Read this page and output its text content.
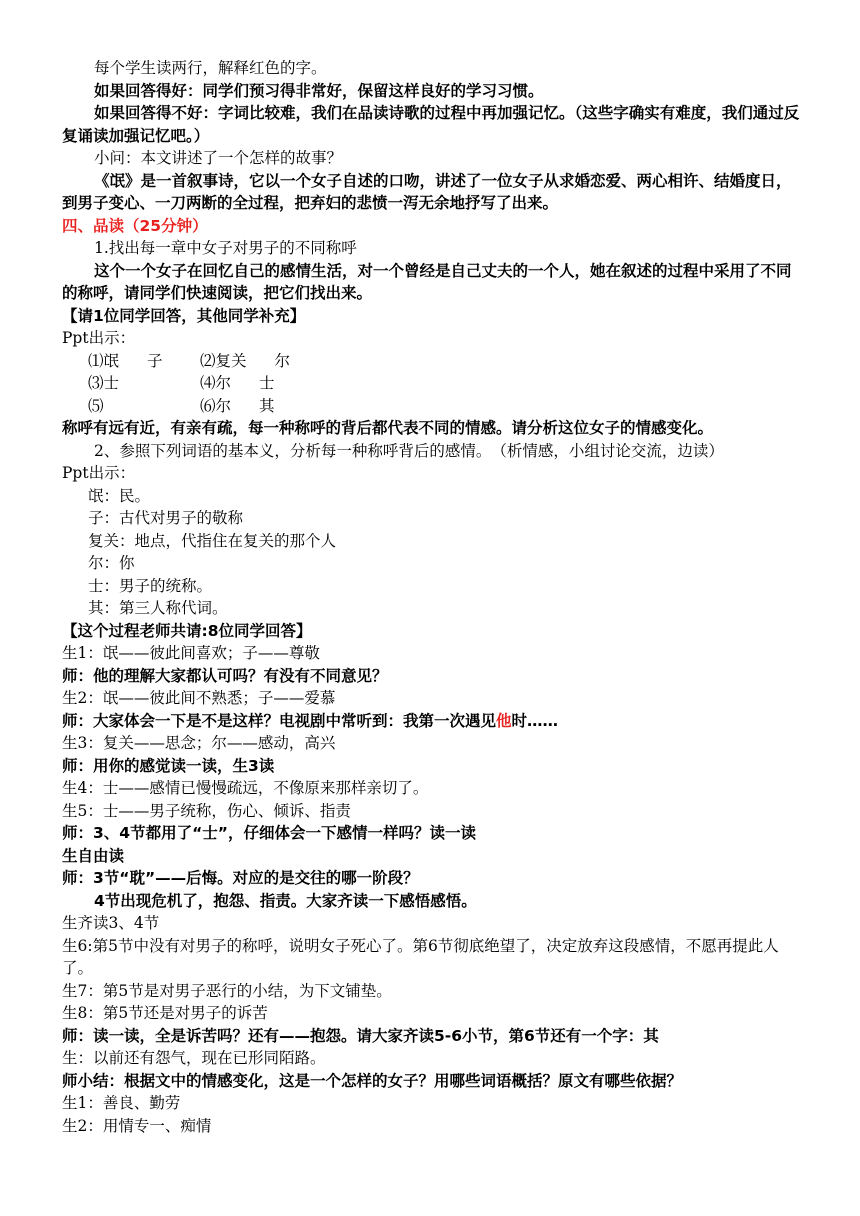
每个学生读两行，解释红色的字。
如果回答得好：同学们预习得非常好，保留这样良好的学习习惯。
如果回答得不好：字词比较难，我们在品读诗歌的过程中再加强记忆。（这些字确实有难度，我们通过反复诵读加强记忆吧。）
小问：本文讲述了一个怎样的故事？
《氓》是一首叙事诗，它以一个女子自述的口吻，讲述了一位女子从求婚恋爱、两心相许、结婚度日，到男子变心、一刀两断的全过程，把弃妇的悲愤一泻无余地抒写了出来。
四、品读（25分钟）
1.找出每一章中女子对男子的不同称呼
这个一个女子在回忆自己的感情生活，对一个曾经是自己丈夫的一个人，她在叙述的过程中采用了不同的称呼，请同学们快速阅读，把它们找出来。
【请1位同学回答，其他同学补充】
Ppt出示：
⑴氓 子	⑵复关 尔
⑶士	⑷尔 士
⑸	⑹尔 其
称呼有远有近，有亲有疏，每一种称呼的背后都代表不同的情感。请分析这位女子的情感变化。
2、参照下列词语的基本义，分析每一种称呼背后的感情。　（析情感，小组讨论交流，边读）
Ppt出示：
氓：民。
子：古代对男子的敬称
复关：地点，代指住在复关的那个人
尔：你
士：男子的统称。
其：第三人称代词。
【这个过程老师共请:8位同学回答】
生1：氓——彼此间喜欢；子——尊敬
师：他的理解大家都认可吗？有没有不同意见？
生2：氓——彼此间不熟悉；子——爱慕
师：大家体会一下是不是这样？电视剧中常听到：我第一次遇见他时……
生3：复关——思念；尔——感动，高兴
师：用你的感觉读一读，生3读
生4：士——感情已慢慢疏远，不像原来那样亲切了。
生5：士——男子统称，伤心、倾诉、指责
师：3、4节都用了“士”，仔细体会一下感情一样吗？读一读
生自由读
师：3节“耽”——后悔。对应的是交往的哪一阶段？
4节出现危机了，抱怨、指责。大家齐读一下感悟感悟。
生齐读3、4节
生6:第5节中没有对男子的称呼，说明女子死心了。第6节彻底绝望了，决定放弃这段感情，不愿再提此人了。
生7：第5节是对男子恶行的小结，为下文铺垫。
生8：第5节还是对男子的诉苦
师：读一读，全是诉苦吗？还有——抱怨。请大家齐读5-6小节，第6节还有一个字：其
生：以前还有怨气，现在已形同陌路。
师小结：根据文中的情感变化，这是一个怎样的女子？用哪些词语概括？原文有哪些依据？
生1：善良、勤劳
生2：用情专一、痴情
